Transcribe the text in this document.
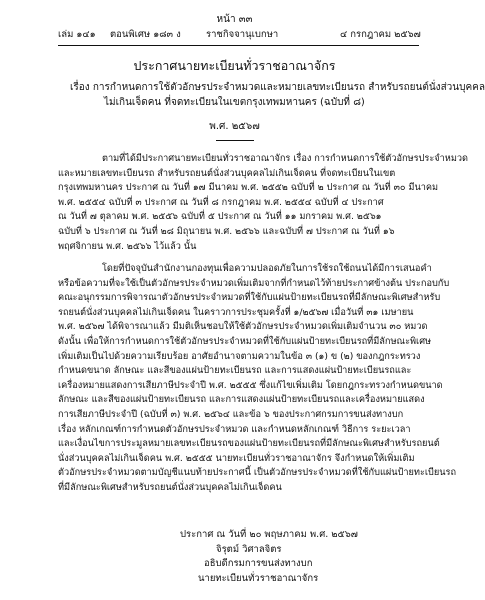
หน้า ๓๓
เล่ม ๑๔๑ ตอนพิเศษ ๑๘๓ ง	ราชกิจจานุเบกษา	๔ กรกฎาคม ๒๕๖๗
ประกาศนายทะเบียนทั่วราชอาณาจักร
เรื่อง การกำหนดการใช้ตัวอักษรประจำหมวดและหมายเลขทะเบียนรถ สำหรับรถยนต์นั่งส่วนบุคคล
ไม่เกินเจ็ดคน ที่จดทะเบียนในเขตกรุงเทพมหานคร (ฉบับที่ ๘)
พ.ศ. ๒๕๖๗
ตามที่ได้มีประกาศนายทะเบียนทั่วราชอาณาจักร เรื่อง การกำหนดการใช้ตัวอักษรประจำหมวด
และหมายเลขทะเบียนรถ สำหรับรถยนต์นั่งส่วนบุคคลไม่เกินเจ็ดคน ที่จดทะเบียนในเขต
กรุงเทพมหานคร ประกาศ ณ วันที่ ๑๗ มีนาคม พ.ศ. ๒๕๕๒ ฉบับที่ ๒ ประกาศ ณ วันที่ ๓๐ มีนาคม
พ.ศ. ๒๕๕๔ ฉบับที่ ๓ ประกาศ ณ วันที่ ๘ กรกฎาคม พ.ศ. ๒๕๕๔ ฉบับที่ ๔ ประกาศ
ณ วันที่ ๗ ตุลาคม พ.ศ. ๒๕๕๖ ฉบับที่ ๕ ประกาศ ณ วันที่ ๑๑ มกราคม พ.ศ. ๒๕๖๑
ฉบับที่ ๖ ประกาศ ณ วันที่ ๒๘ มิถุนายน พ.ศ. ๒๕๖๖ และฉบับที่ ๗ ประกาศ ณ วันที่ ๑๖
พฤศจิกายน พ.ศ. ๒๕๖๖ ไว้แล้ว นั้น
โดยที่ปัจจุบันสำนักงานกองทุนเพื่อความปลอดภัยในการใช้รถใช้ถนนได้มีการเสนอคำ
หรือข้อความที่จะใช้เป็นตัวอักษรประจำหมวดเพิ่มเติมจากที่กำหนดไว้ท้ายประกาศข้างต้น ประกอบกับ
คณะอนุกรรมการพิจารณาตัวอักษรประจำหมวดที่ใช้กับแผ่นป้ายทะเบียนรถที่มีลักษณะพิเศษสำหรับ
รถยนต์นั่งส่วนบุคคลไม่เกินเจ็ดคน ในคราวการประชุมครั้งที่ ๑/๒๕๖๗ เมื่อวันที่ ๓๑ เมษายน
พ.ศ. ๒๕๖๗ ได้พิจารณาแล้ว มีมติเห็นชอบให้ใช้ตัวอักษรประจำหมวดเพิ่มเติมจำนวน ๓๐ หมวด
ดังนั้น เพื่อให้การกำหนดการใช้ตัวอักษรประจำหมวดที่ใช้กับแผ่นป้ายทะเบียนรถที่มีลักษณะพิเศษ
เพิ่มเติมเป็นไปด้วยความเรียบร้อย อาศัยอำนาจตามความในข้อ ๓ (๑) ข (๒) ของกฎกระทรวง
กำหนดขนาด ลักษณะ และสีของแผ่นป้ายทะเบียนรถ และการแสดงแผ่นป้ายทะเบียนรถและ
เครื่องหมายแสดงการเสียภาษีประจำปี พ.ศ. ๒๕๕๕ ซึ่งแก้ไขเพิ่มเติม โดยกฎกระทรวงกำหนดขนาด
ลักษณะ และสีของแผ่นป้ายทะเบียนรถ และการแสดงแผ่นป้ายทะเบียนรถและเครื่องหมายแสดง
การเสียภาษีประจำปี (ฉบับที่ ๓) พ.ศ. ๒๕๖๔ และข้อ ๖ ของประกาศกรมการขนส่งทางบก
เรื่อง หลักเกณฑ์การกำหนดตัวอักษรประจำหมวด และกำหนดหลักเกณฑ์ วิธีการ ระยะเวลา
และเงื่อนไขการประมูลหมายเลขทะเบียนรถของแผ่นป้ายทะเบียนรถที่มีลักษณะพิเศษสำหรับรถยนต์
นั่งส่วนบุคคลไม่เกินเจ็ดคน พ.ศ. ๒๕๕๕ นายทะเบียนทั่วราชอาณาจักร จึงกำหนดให้เพิ่มเติม
ตัวอักษรประจำหมวดตามบัญชีแนบท้ายประกาศนี้ เป็นตัวอักษรประจำหมวดที่ใช้กับแผ่นป้ายทะเบียนรถ
ที่มีลักษณะพิเศษสำหรับรถยนต์นั่งส่วนบุคคลไม่เกินเจ็ดคน
ประกาศ ณ วันที่ ๒๐ พฤษภาคม พ.ศ. ๒๕๖๗
จิรุตม์ วิศาลจิตร
อธิบดีกรมการขนส่งทางบก
นายทะเบียนทั่วราชอาณาจักร
